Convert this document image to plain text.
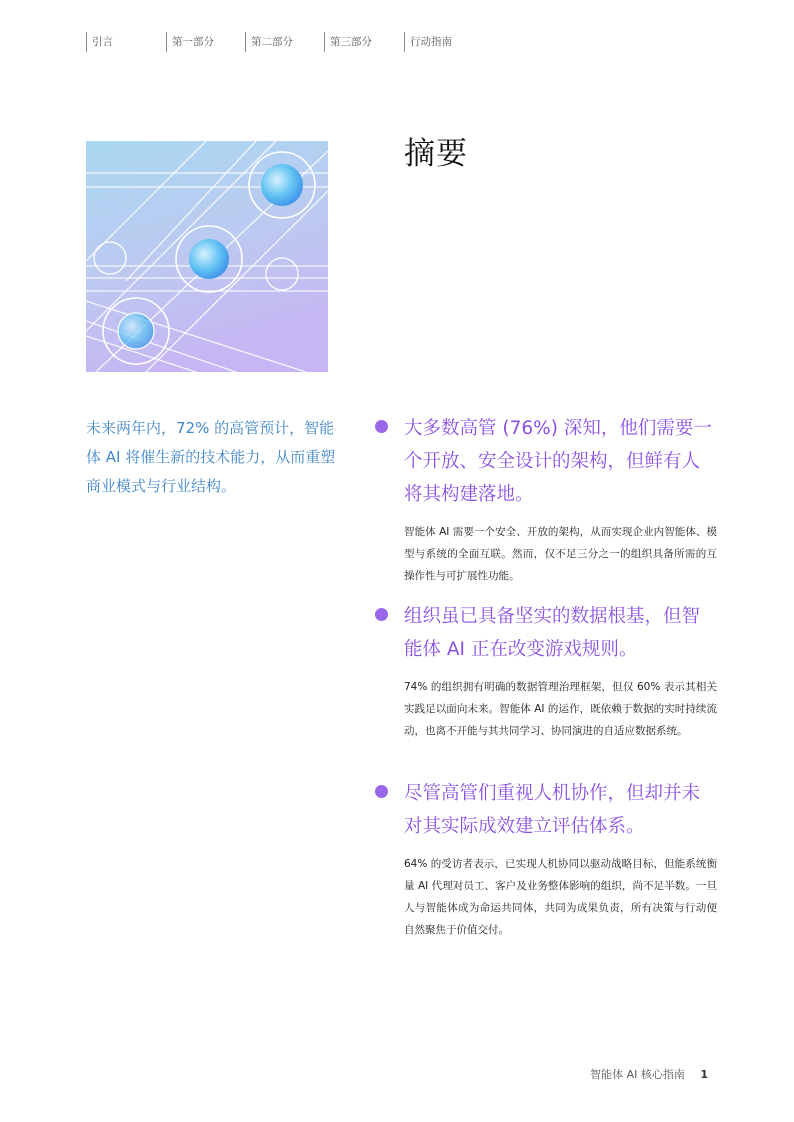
引言	第一部分	第二部分	第三部分	行动指南
摘要

未来两年内，72% 的高管预计，智能体 AI 将催生新的技术能力，从而重塑商业模式与行业结构。

大多数高管 (76%) 深知，他们需要一个开放、安全设计的架构，但鲜有人将其构建落地。

智能体 AI 需要一个安全、开放的架构，从而实现企业内智能体、模型与系统的全面互联。然而，仅不足三分之一的组织具备所需的互操作性与可扩展性功能。

组织虽已具备坚实的数据根基，但智能体 AI 正在改变游戏规则。

74% 的组织拥有明确的数据管理治理框架，但仅 60% 表示其相关实践足以面向未来。智能体 AI 的运作，既依赖于数据的实时持续流动，也离不开能与其共同学习、协同演进的自适应数据系统。

尽管高管们重视人机协作，但却并未对其实际成效建立评估体系。

64% 的受访者表示，已实现人机协同以驱动战略目标，但能系统衡量 AI 代理对员工、客户及业务整体影响的组织，尚不足半数。一旦人与智能体成为命运共同体，共同为成果负责，所有决策与行动便自然聚焦于价值交付。

智能体 AI 核心指南 1
